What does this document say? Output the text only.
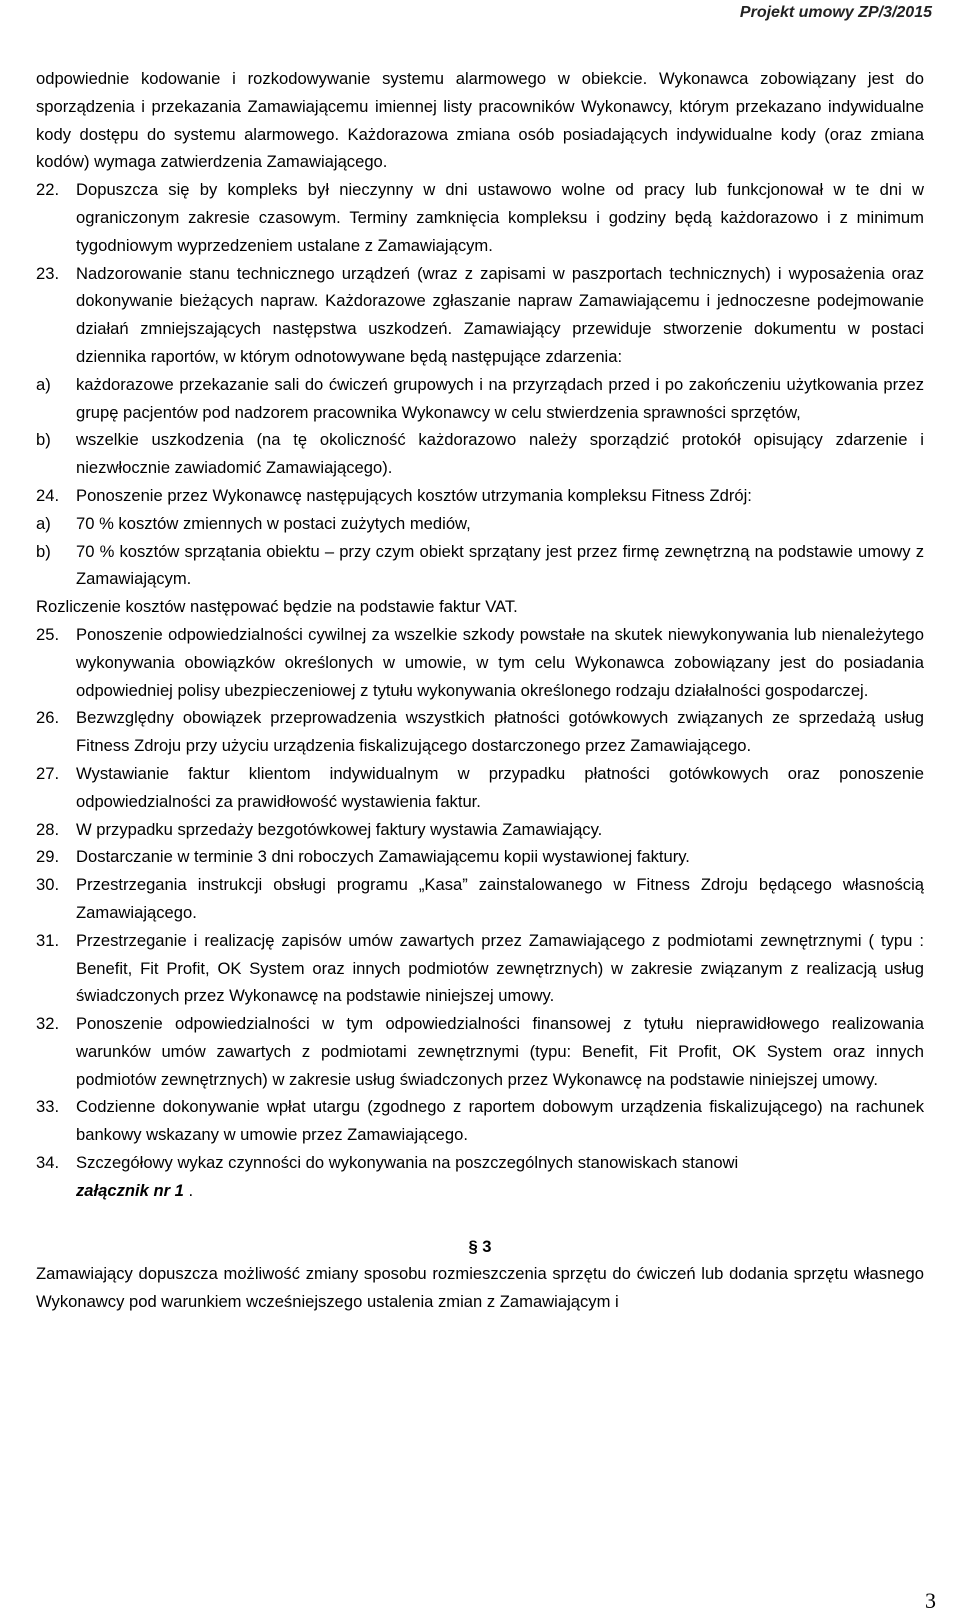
Projekt umowy ZP/3/2015
odpowiednie kodowanie i rozkodowywanie systemu alarmowego w obiekcie. Wykonawca zobowiązany jest do sporządzenia i przekazania Zamawiającemu imiennej listy pracowników Wykonawcy, którym przekazano indywidualne kody dostępu do systemu alarmowego. Każdorazowa zmiana osób posiadających indywidualne kody (oraz zmiana kodów) wymaga zatwierdzenia Zamawiającego.
22. Dopuszcza się by kompleks był nieczynny w dni ustawowo wolne od pracy lub funkcjonował w te dni w ograniczonym zakresie czasowym. Terminy zamknięcia kompleksu i godziny będą każdorazowo i z minimum tygodniowym wyprzedzeniem ustalane z Zamawiającym.
23. Nadzorowanie stanu technicznego urządzeń (wraz z zapisami w paszportach technicznych) i wyposażenia oraz dokonywanie bieżących napraw. Każdorazowe zgłaszanie napraw Zamawiającemu i jednoczesne podejmowanie działań zmniejszających następstwa uszkodzeń. Zamawiający przewiduje stworzenie dokumentu w postaci dziennika raportów, w którym odnotowywane będą następujące zdarzenia:
a) każdorazowe przekazanie sali do ćwiczeń grupowych i na przyrządach przed i po zakończeniu użytkowania przez grupę pacjentów pod nadzorem pracownika Wykonawcy w celu stwierdzenia sprawności sprzętów,
b) wszelkie uszkodzenia (na tę okoliczność każdorazowo należy sporządzić protokół opisujący zdarzenie i niezwłocznie zawiadomić Zamawiającego).
24. Ponoszenie przez Wykonawcę następujących kosztów utrzymania kompleksu Fitness Zdrój:
a) 70 % kosztów zmiennych w postaci zużytych mediów,
b) 70 % kosztów sprzątania obiektu – przy czym obiekt sprzątany jest przez firmę zewnętrzną na podstawie umowy z Zamawiającym.
Rozliczenie kosztów następować będzie na podstawie faktur VAT.
25. Ponoszenie odpowiedzialności cywilnej za wszelkie szkody powstałe na skutek niewykonywania lub nienależytego wykonywania obowiązków określonych w umowie, w tym celu Wykonawca zobowiązany jest do posiadania odpowiedniej polisy ubezpieczeniowej z tytułu wykonywania określonego rodzaju działalności gospodarczej.
26. Bezwzględny obowiązek przeprowadzenia wszystkich płatności gotówkowych związanych ze sprzedażą usług Fitness Zdroju przy użyciu urządzenia fiskalizującego dostarczonego przez Zamawiającego.
27. Wystawianie faktur klientom indywidualnym w przypadku płatności gotówkowych oraz ponoszenie odpowiedzialności za prawidłowość wystawienia faktur.
28. W przypadku sprzedaży bezgotówkowej faktury wystawia Zamawiający.
29. Dostarczanie w terminie 3 dni roboczych Zamawiającemu kopii wystawionej faktury.
30. Przestrzegania instrukcji obsługi programu „Kasa” zainstalowanego w Fitness Zdroju będącego własnością Zamawiającego.
31. Przestrzeganie i realizację zapisów umów zawartych przez Zamawiającego z podmiotami zewnętrznymi ( typu : Benefit, Fit Profit, OK System oraz innych podmiotów zewnętrznych) w zakresie związanym z realizacją usług świadczonych przez Wykonawcę na podstawie niniejszej umowy.
32. Ponoszenie odpowiedzialności w tym odpowiedzialności finansowej z tytułu nieprawidłowego realizowania warunków umów zawartych z podmiotami zewnętrznymi (typu: Benefit, Fit Profit, OK System oraz innych podmiotów zewnętrznych) w zakresie usług świadczonych przez Wykonawcę na podstawie niniejszej umowy.
33. Codzienne dokonywanie wpłat utargu (zgodnego z raportem dobowym urządzenia fiskalizującego) na rachunek bankowy wskazany w umowie przez Zamawiającego.
34. Szczegółowy wykaz czynności do wykonywania na poszczególnych stanowiskach stanowi
załącznik nr 1 .
§ 3
Zamawiający dopuszcza możliwość zmiany sposobu rozmieszczenia sprzętu do ćwiczeń lub dodania sprzętu własnego Wykonawcy pod warunkiem wcześniejszego ustalenia zmian z Zamawiającym i
3
